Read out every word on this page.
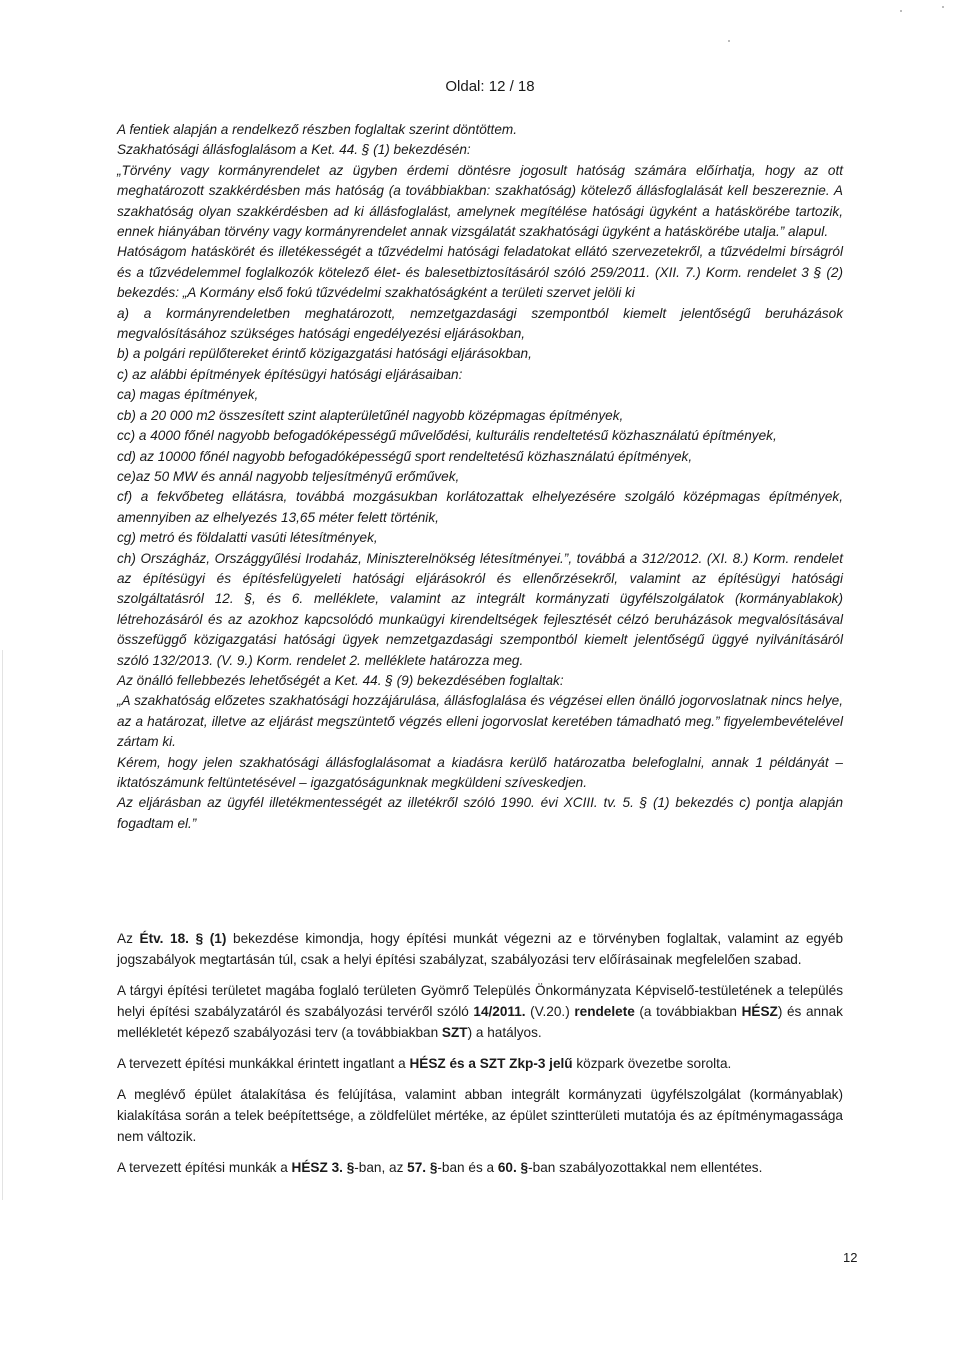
Oldal: 12 / 18

A fentiek alapján a rendelkező részben foglaltak szerint döntöttem.

Szakhatósági állásfoglalásom a Ket. 44. § (1) bekezdésén:

„Törvény vagy kormányrendelet az ügyben érdemi döntésre jogosult hatóság számára előírhatja, hogy az ott meghatározott szakkérdésben más hatóság (a továbbiakban: szakhatóság) kötelező állásfoglalását kell beszereznie. A szakhatóság olyan szakkérdésben ad ki állásfoglalást, amelynek megítélése hatósági ügyként a hatáskörébe tartozik, ennek hiányában törvény vagy kormányrendelet annak vizsgálatát szakhatósági ügyként a hatáskörébe utalja.” alapul.

Hatóságom hatáskörét és illetékességét a tűzvédelmi hatósági feladatokat ellátó szervezetekről, a tűzvédelmi bírságról és a tűzvédelemmel foglalkozók kötelező élet- és balesetbiztosításáról szóló 259/2011. (XII. 7.) Korm. rendelet 3 § (2) bekezdés: „A Kormány első fokú tűzvédelmi szakhatóságként a területi szervet jelöli ki

a) a kormányrendeletben meghatározott, nemzetgazdasági szempontból kiemelt jelentőségű beruházások megvalósításához szükséges hatósági engedélyezési eljárásokban,

b) a polgári repülőtereket érintő közigazgatási hatósági eljárásokban,

c) az alábbi építmények építésügyi hatósági eljárásaiban:

ca) magas építmények,

cb) a 20 000 m2 összesített szint alapterületűnél nagyobb középmagas építmények,

cc) a 4000 főnél nagyobb befogadóképességű művelődési, kulturális rendeltetésű közhasználatú építmények,

cd) az 10000 főnél nagyobb befogadóképességű sport rendeltetésű közhasználatú építmények,

ce)az 50 MW és annál nagyobb teljesítményű erőművek,

cf) a fekvőbeteg ellátásra, továbbá mozgásukban korlátozattak elhelyezésére szolgáló középmagas építmények, amennyiben az elhelyezés 13,65 méter felett történik,

cg) metró és földalatti vasúti létesítmények,

ch) Országház, Országgyűlési Irodaház, Miniszterelnökség létesítményei.”, továbbá a 312/2012. (XI. 8.) Korm. rendelet az építésügyi és építésfelügyeleti hatósági eljárásokról és ellenőrzésekről, valamint az építésügyi hatósági szolgáltatásról 12. §, és 6. melléklete, valamint az integrált kormányzati ügyfélszolgálatok (kormányablakok) létrehozásáról és az azokhoz kapcsolódó munkaügyi kirendeltségek fejlesztését célzó beruházások megvalósításával összefüggő közigazgatási hatósági ügyek nemzetgazdasági szempontból kiemelt jelentőségű üggyé nyilvánításáról szóló 132/2013. (V. 9.) Korm. rendelet 2. melléklete határozza meg.

Az önálló fellebbezés lehetőségét a Ket. 44. § (9) bekezdésében foglaltak:

„A szakhatóság előzetes szakhatósági hozzájárulása, állásfoglalása és végzései ellen önálló jogorvoslatnak nincs helye, az a határozat, illetve az eljárást megszüntető végzés elleni jogorvoslat keretében támadható meg.” figyelembevételével zártam ki.

Kérem, hogy jelen szakhatósági állásfoglalásomat a kiadásra kerülő határozatba belefoglalni, annak 1 példányát – iktatószámunk feltüntetésével – igazgatóságunknak megküldeni szíveskedjen.

Az eljárásban az ügyfél illetékmentességét az illetékről szóló 1990. évi XCIII. tv. 5. § (1) bekezdés c) pontja alapján fogadtam el.”

Az Étv. 18. § (1) bekezdése kimondja, hogy építési munkát végezni az e törvényben foglaltak, valamint az egyéb jogszabályok megtartásán túl, csak a helyi építési szabályzat, szabályozási terv előírásainak megfelelően szabad.

A tárgyi építési területet magába foglaló területen Gyömrő Település Önkormányzata Képviselő-testületének a település helyi építési szabályzatáról és szabályozási tervéről szóló 14/2011. (V.20.) rendelete (a továbbiakban HÉSZ) és annak mellékletét képező szabályozási terv (a továbbiakban SZT) a hatályos.

A tervezett építési munkákkal érintett ingatlant a HÉSZ és a SZT Zkp-3 jelű közpark övezetbe sorolta.

A meglévő épület átalakítása és felújítása, valamint abban integrált kormányzati ügyfélszolgálat (kormányablak) kialakítása során a telek beépítettsége, a zöldfelület mértéke, az épület szintterületi mutatója és az építménymagassága nem változik.

A tervezett építési munkák a HÉSZ 3. §-ban, az 57. §-ban és a 60. §-ban szabályozottakkal nem ellentétes.

12
